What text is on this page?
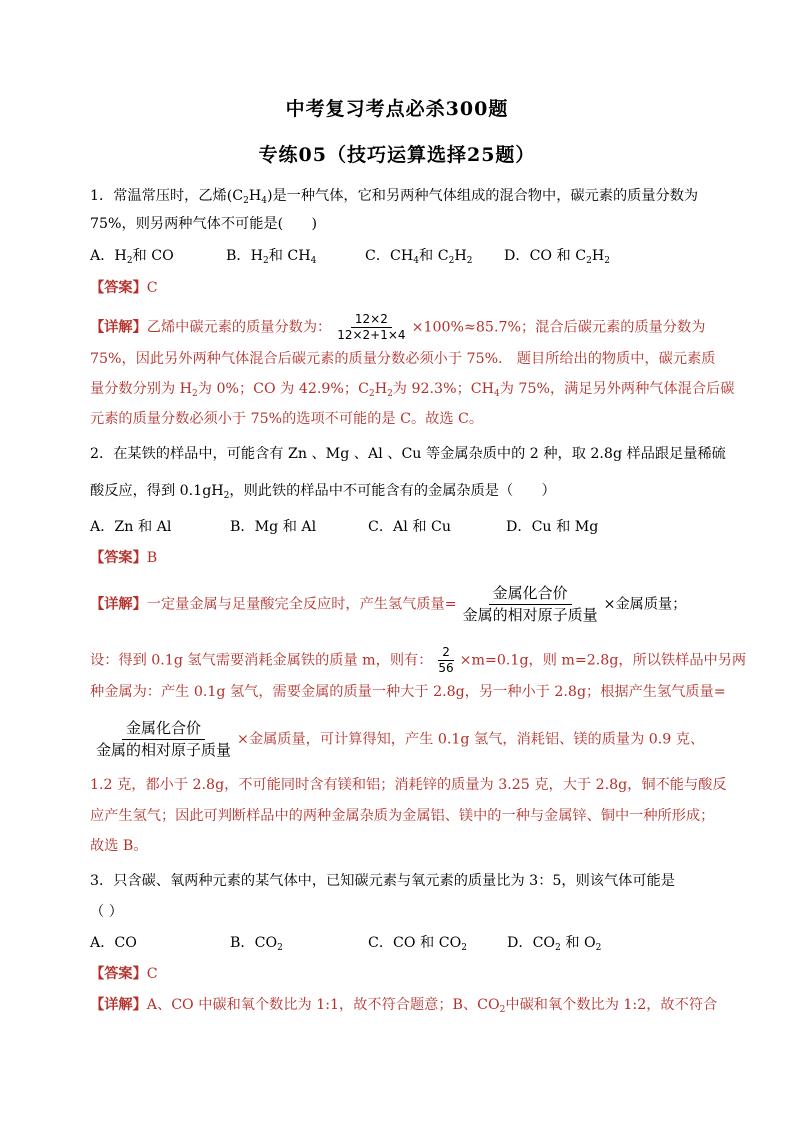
中考复习考点必杀300题
专练05（技巧运算选择25题）
1．常温常压时，乙烯$(C_2H_4)$是一种气体，它和另两种气体组成的混合物中，碳元素的质量分数为
75%，则另两种气体不可能是(　　)
A．$H_2$和 CO	B．$H_2$和 $CH_4$	C．$CH_4$和 $C_2H_2$ D．CO 和 $C_2H_2$
【答案】C
【详解】乙烯中碳元素的质量分数为： $\frac{12\times 2}{12\times 2+1\times 4} \times 100\%\approx 85.7\%$；混合后碳元素的质量分数为
75%，因此另外两种气体混合后碳元素的质量分数必须小于 75%． 题目所给出的物质中，碳元素质
量分数分别为 $H_2$为 0%；CO 为 42.9%；$C_2H_2$为 92.3%；$CH_4$为 75%，满足另外两种气体混合后碳
元素的质量分数必须小于 75%的选项不可能的是 C。故选 C。
2．在某铁的样品中，可能含有 Zn 、Mg 、Al 、Cu 等金属杂质中的 2 种，取 2.8g 样品跟足量稀硫
酸反应，得到 $0.1gH_2$，则此铁的样品中不可能含有的金属杂质是（　　）
A．Zn 和 Al	B．Mg 和 Al	C．Al 和 Cu	D．Cu 和 Mg
【答案】B
【详解】一定量金属与足量酸完全反应时，产生氢气质量= $\frac{\text{金属化合价}}{\text{金属的相对原子质量}}$ ×金属质量；
设：得到 0.1g 氢气需要消耗金属铁的质量 m，则有： $\frac{2}{56} \times m=0.1g$，则 m=2.8g，所以铁样品中另两
种金属为：产生 0.1g 氢气，需要金属的质量一种大于 2.8g，另一种小于 2.8g；根据产生氢气质量=
$\frac{\text{金属化合价}}{\text{金属的相对原子质量}}$ ×金属质量，可计算得知，产生 0.1g 氢气，消耗铝、镁的质量为 0.9 克、
1.2 克，都小于 2.8g，不可能同时含有镁和铝；消耗锌的质量为 3.25 克，大于 2.8g，铜不能与酸反
应产生氢气；因此可判断样品中的两种金属杂质为金属铝、镁中的一种与金属锌、铜中一种所形成；
故选 B。
3．只含碳、氧两种元素的某气体中，已知碳元素与氧元素的质量比为 3：5，则该气体可能是
（ ）
A．CO	B．$CO_2$	C．CO 和 $CO_2$	D．$CO_2$ 和 $O_2$
【答案】C
【详解】A、CO 中碳和氧个数比为 1:1，故不符合题意；B、$CO_2$中碳和氧个数比为 1:2，故不符合
